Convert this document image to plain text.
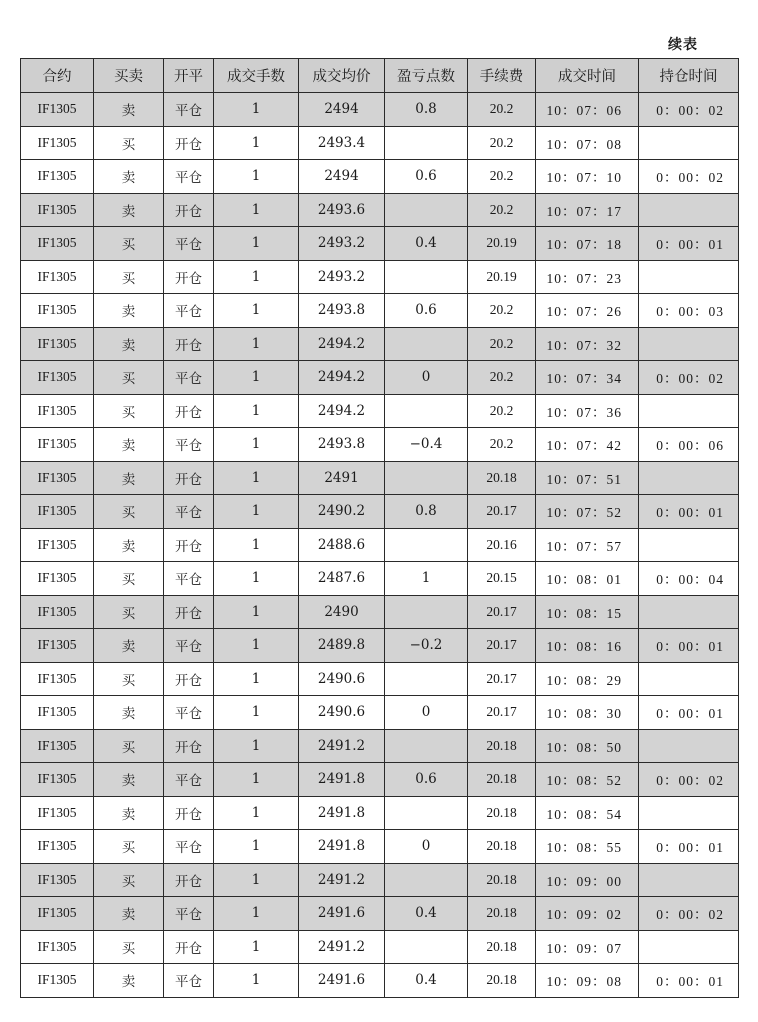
续表
合约	买卖	开平	成交手数	成交均价	盈亏点数	手续费	成交时间	持仓时间
IF1305	卖	平仓	1	2494	0.8	20.2	10：07：06	0：00：02
IF1305	买	开仓	1	2493.4		20.2	10：07：08	
IF1305	卖	平仓	1	2494	0.6	20.2	10：07：10	0：00：02
IF1305	卖	开仓	1	2493.6		20.2	10：07：17	
IF1305	买	平仓	1	2493.2	0.4	20.19	10：07：18	0：00：01
IF1305	买	开仓	1	2493.2		20.19	10：07：23	
IF1305	卖	平仓	1	2493.8	0.6	20.2	10：07：26	0：00：03
IF1305	卖	开仓	1	2494.2		20.2	10：07：32	
IF1305	买	平仓	1	2494.2	0	20.2	10：07：34	0：00：02
IF1305	买	开仓	1	2494.2		20.2	10：07：36	
IF1305	卖	平仓	1	2493.8	−0.4	20.2	10：07：42	0：00：06
IF1305	卖	开仓	1	2491		20.18	10：07：51	
IF1305	买	平仓	1	2490.2	0.8	20.17	10：07：52	0：00：01
IF1305	卖	开仓	1	2488.6		20.16	10：07：57	
IF1305	买	平仓	1	2487.6	1	20.15	10：08：01	0：00：04
IF1305	买	开仓	1	2490		20.17	10：08：15	
IF1305	卖	平仓	1	2489.8	−0.2	20.17	10：08：16	0：00：01
IF1305	买	开仓	1	2490.6		20.17	10：08：29	
IF1305	卖	平仓	1	2490.6	0	20.17	10：08：30	0：00：01
IF1305	买	开仓	1	2491.2		20.18	10：08：50	
IF1305	卖	平仓	1	2491.8	0.6	20.18	10：08：52	0：00：02
IF1305	卖	开仓	1	2491.8		20.18	10：08：54	
IF1305	买	平仓	1	2491.8	0	20.18	10：08：55	0：00：01
IF1305	买	开仓	1	2491.2		20.18	10：09：00	
IF1305	卖	平仓	1	2491.6	0.4	20.18	10：09：02	0：00：02
IF1305	买	开仓	1	2491.2		20.18	10：09：07	
IF1305	卖	平仓	1	2491.6	0.4	20.18	10：09：08	0：00：01
